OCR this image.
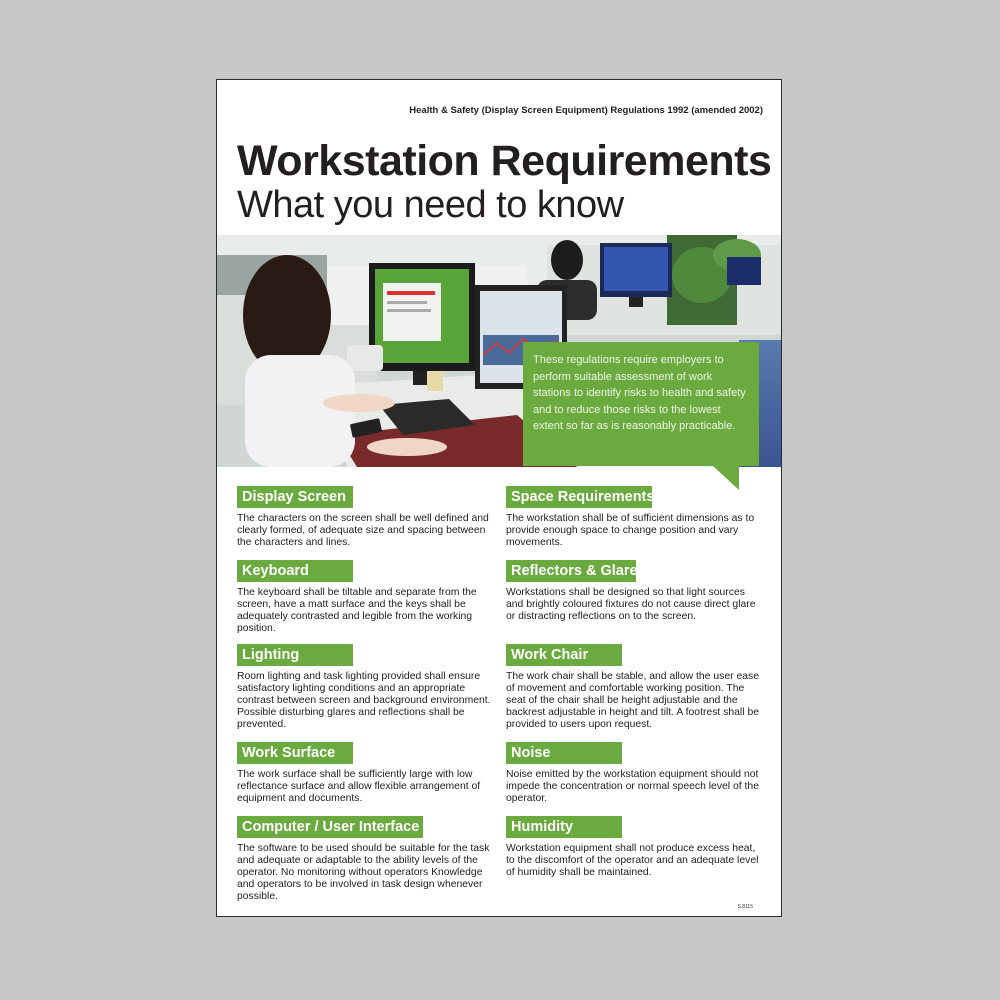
Health & Safety (Display Screen Equipment) Regulations 1992 (amended 2002)
Workstation Requirements
What you need to know
These regulations require employers to perform suitable assessment of work stations to identify risks to health and safety and to reduce those risks to the lowest extent so far as is reasonably practicable.
Display Screen
The characters on the screen shall be well defined and clearly formed, of adequate size and spacing between the characters and lines.
Keyboard
The keyboard shall be tiltable and separate from the screen, have a matt surface and the keys shall be adequately contrasted and legible from the working position.
Lighting
Room lighting and task lighting provided shall ensure satisfactory lighting conditions and an appropriate contrast between screen and background environment. Possible disturbing glares and reflections shall be prevented.
Work Surface
The work surface shall be sufficiently large with low reflectance surface and allow flexible arrangement of equipment and documents.
Computer / User Interface
The software to be used should be suitable for the task and adequate or adaptable to the ability levels of the operator. No monitoring without operators Knowledge and operators to be involved in task design whenever possible.
Space Requirements
The workstation shall be of sufficient dimensions as to provide enough space to change position and vary movements.
Reflectors & Glare
Workstations shall be designed so that light sources and brightly coloured fixtures do not cause direct glare or distracting reflections on to the screen.
Work Chair
The work chair shall be stable, and allow the user ease of movement and comfortable working position. The seat of the chair shall be height adjustable and the backrest adjustable in height and tilt. A footrest shall be provided to users upon request.
Noise
Noise emitted by the workstation equipment should not impede the concentration or normal speech level of the operator.
Humidity
Workstation equipment shall not produce excess heat, to the discomfort of the operator and an adequate level of humidity shall be maintained.
S.8115
